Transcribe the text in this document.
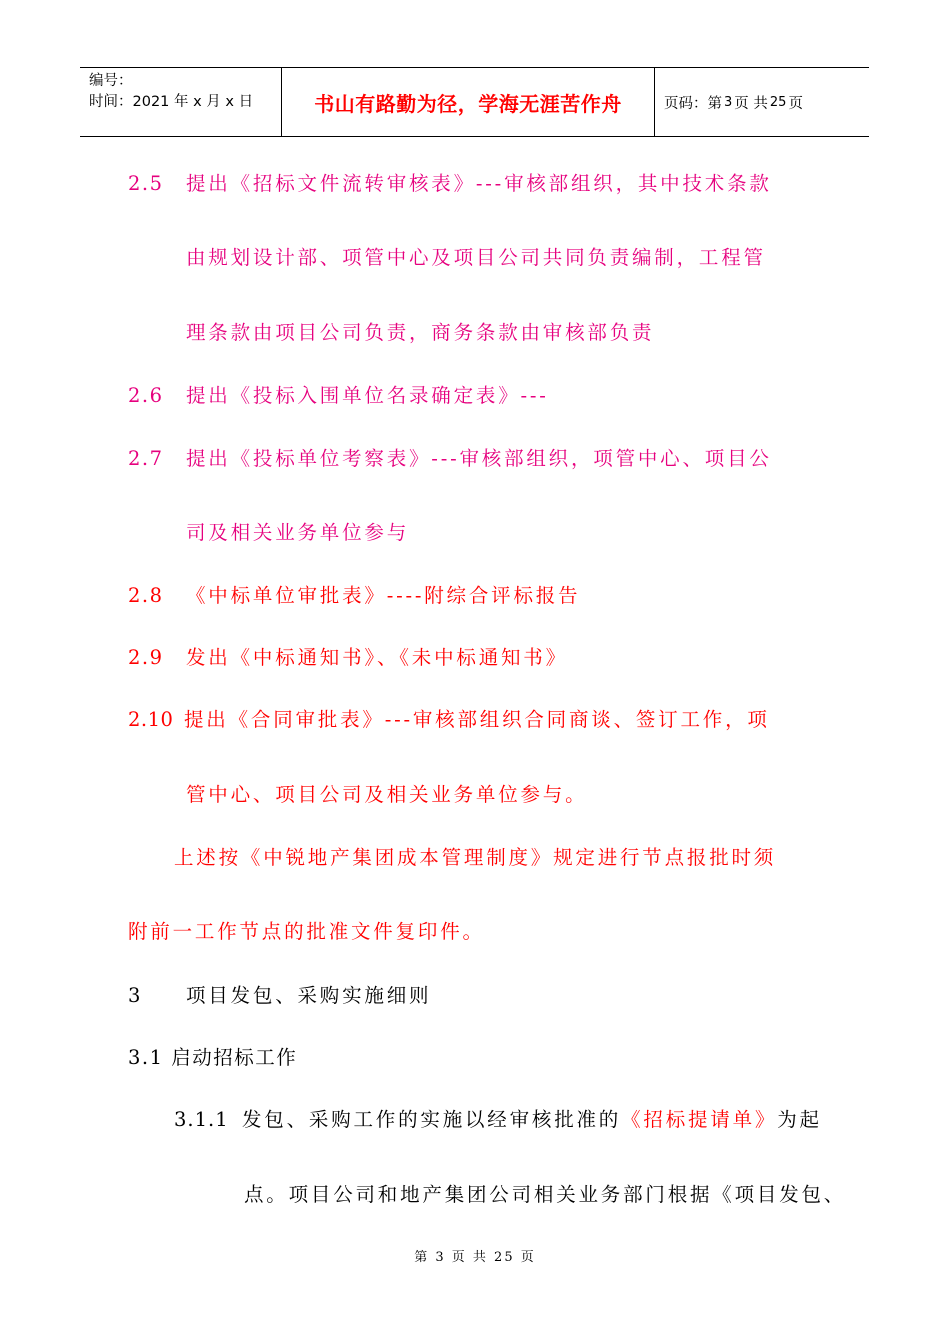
编号：
时间：2021 年 x 月 x 日	书山有路勤为径，学海无涯苦作舟	页码：第 3 页 共 25 页
2.5 提出《招标文件流转审核表》---审核部组织，其中技术条款
由规划设计部、项管中心及项目公司共同负责编制，工程管
理条款由项目公司负责，商务条款由审核部负责
2.6 提出《投标入围单位名录确定表》---
2.7 提出《投标单位考察表》---审核部组织，项管中心、项目公
司及相关业务单位参与
2.8 《中标单位审批表》----附综合评标报告
2.9 发出《中标通知书》、《未中标通知书》
2.10 提出《合同审批表》---审核部组织合同商谈、签订工作，项
管中心、项目公司及相关业务单位参与。
上述按《中锐地产集团成本管理制度》规定进行节点报批时须
附前一工作节点的批准文件复印件。
3 项目发包、采购实施细则
3.1 启动招标工作
3.1.1 发包、采购工作的实施以经审核批准的《招标提请单》为起
点。项目公司和地产集团公司相关业务部门根据《项目发包、
第 3 页 共 25 页
